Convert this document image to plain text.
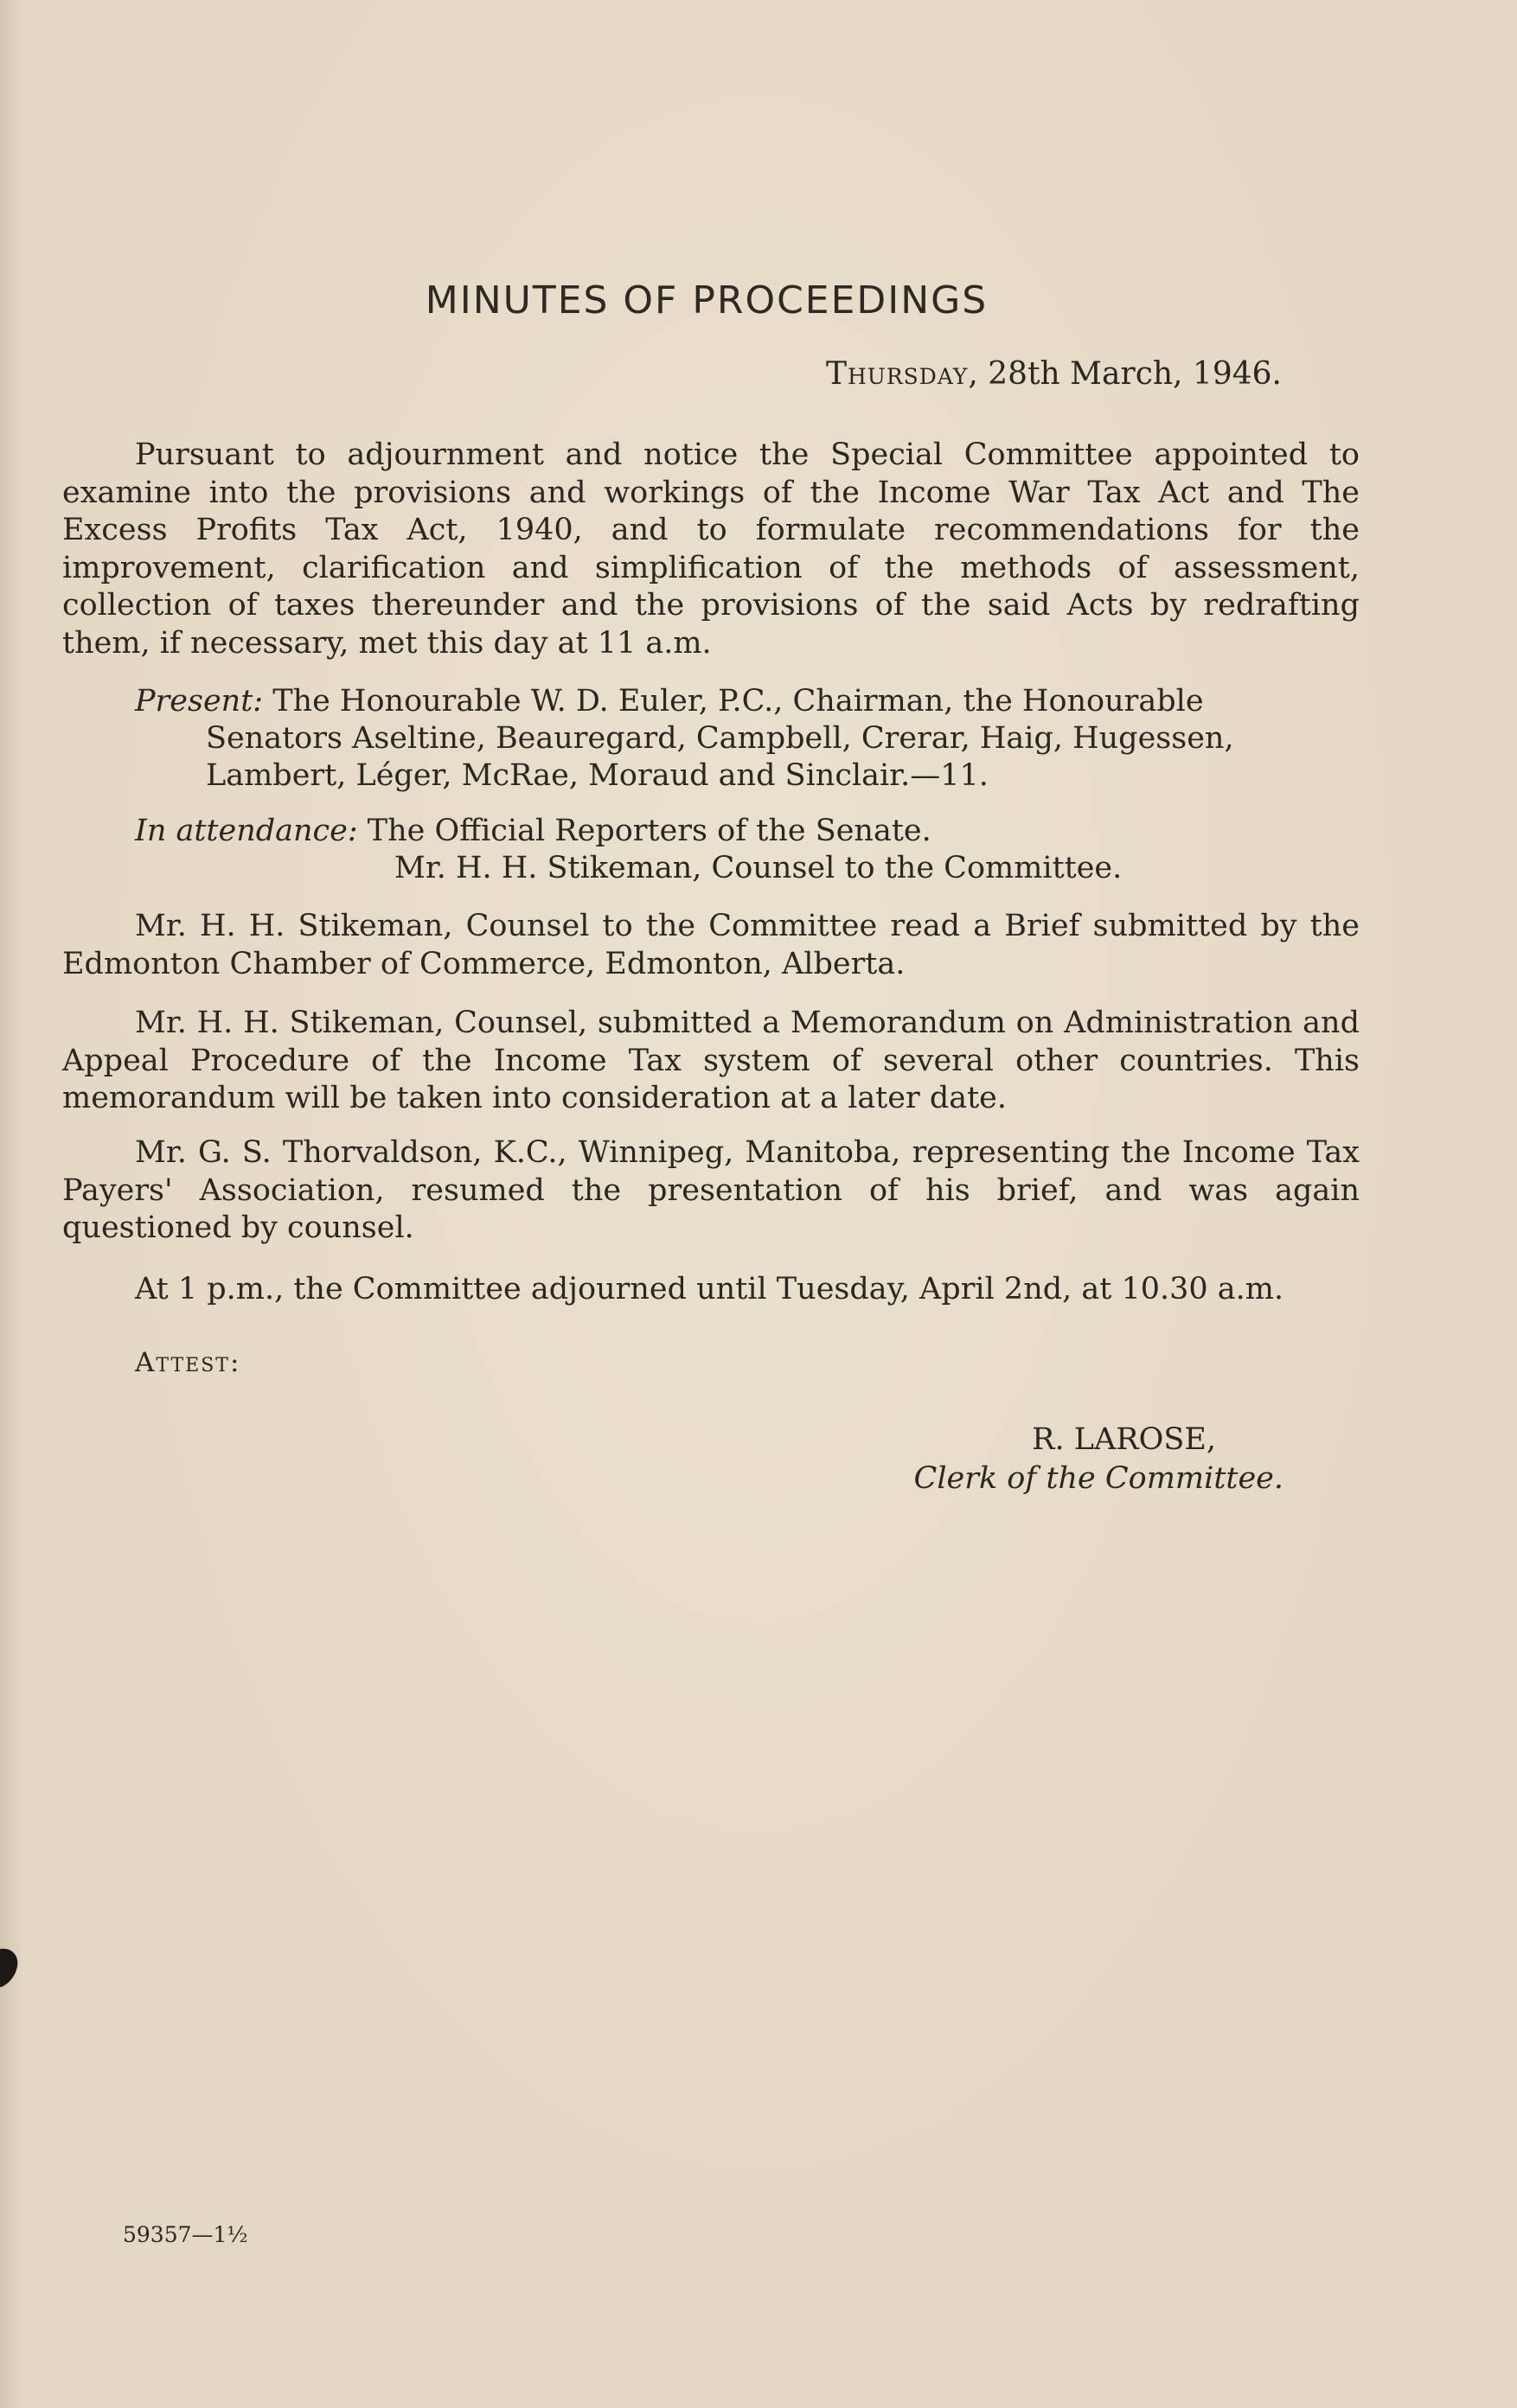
MINUTES OF PROCEEDINGS
Thursday, 28th March, 1946.

Pursuant to adjournment and notice the Special Committee appointed to examine into the provisions and workings of the Income War Tax Act and The Excess Profits Tax Act, 1940, and to formulate recommendations for the improvement, clarification and simplification of the methods of assessment, collection of taxes thereunder and the provisions of the said Acts by redrafting them, if necessary, met this day at 11 a.m.

Present: The Honourable W. D. Euler, P.C., Chairman, the Honourable
Senators Aseltine, Beauregard, Campbell, Crerar, Haig, Hugessen,
Lambert, Léger, McRae, Moraud and Sinclair.—11.
In attendance: The Official Reporters of the Senate.
Mr. H. H. Stikeman, Counsel to the Committee.

Mr. H. H. Stikeman, Counsel to the Committee read a Brief submitted by the Edmonton Chamber of Commerce, Edmonton, Alberta.

Mr. H. H. Stikeman, Counsel, submitted a Memorandum on Administration and Appeal Procedure of the Income Tax system of several other countries. This memorandum will be taken into consideration at a later date.

Mr. G. S. Thorvaldson, K.C., Winnipeg, Manitoba, representing the Income Tax Payers' Association, resumed the presentation of his brief, and was again questioned by counsel.

At 1 p.m., the Committee adjourned until Tuesday, April 2nd, at 10.30 a.m.

Attest:
R. LAROSE,
Clerk of the Committee.
59357—1½
